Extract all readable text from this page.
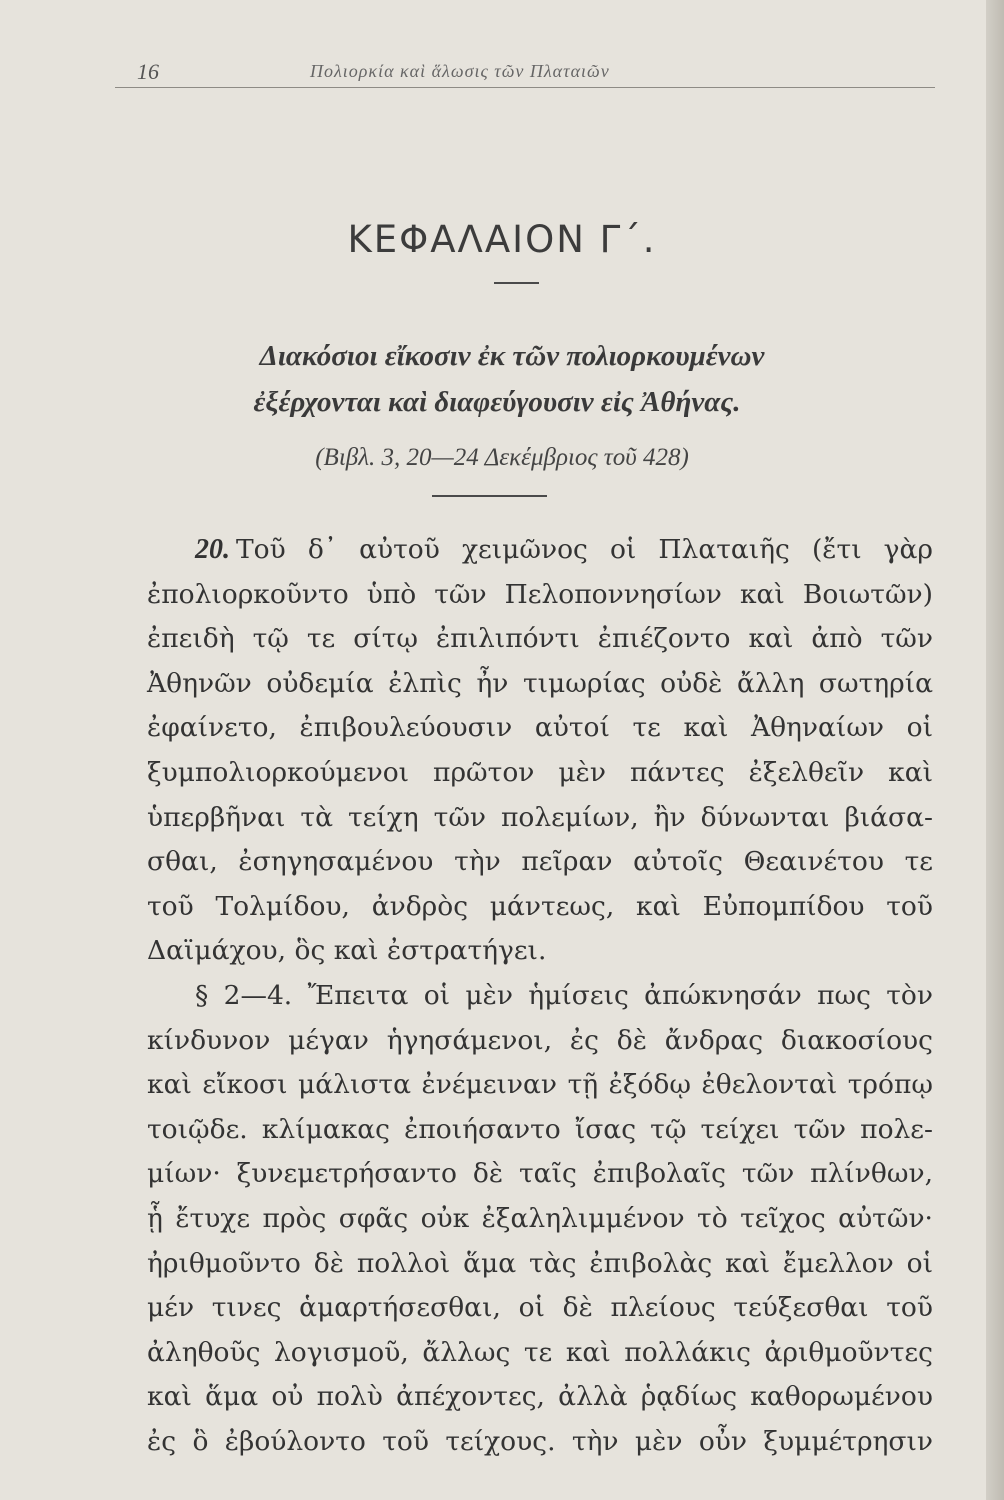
16	Πολιορκία καὶ ἅλωσις τῶν Πλαταιῶν
ΚΕΦΑΛΑΙΟΝ Γ΄.
Διακόσιοι εἴκοσιν ἐκ τῶν πολιορκουμένων
ἐξέρχονται καὶ διαφεύγουσιν εἰς Ἀθήνας.
(Βιβλ. 3, 20—24 Δεκέμβριος τοῦ 428)
20. Τοῦ δ᾽ αὐτοῦ χειμῶνος οἱ Πλαταιῆς (ἔτι γὰρ
ἐπολιορκοῦντο ὑπὸ τῶν Πελοποννησίων καὶ Βοιωτῶν)
ἐπειδὴ τῷ τε σίτῳ ἐπιλιπόντι ἐπιέζοντο καὶ ἀπὸ τῶν
Ἀθηνῶν οὐδεμία ἐλπὶς ἦν τιμωρίας οὐδὲ ἄλλη σωτηρία
ἐφαίνετο, ἐπιβουλεύουσιν αὐτοί τε καὶ Ἀθηναίων οἱ
ξυμπολιορκούμενοι πρῶτον μὲν πάντες ἐξελθεῖν καὶ
ὑπερβῆναι τὰ τείχη τῶν πολεμίων, ἢν δύνωνται βιάσα-
σθαι, ἐσηγησαμένου τὴν πεῖραν αὐτοῖς Θεαινέτου τε
τοῦ Τολμίδου, ἀνδρὸς μάντεως, καὶ Εὐπομπίδου τοῦ
Δαϊμάχου, ὃς καὶ ἐστρατήγει.
§ 2—4. Ἔπειτα οἱ μὲν ἡμίσεις ἀπώκνησάν πως τὸν
κίνδυνον μέγαν ἡγησάμενοι, ἐς δὲ ἄνδρας διακοσίους
καὶ εἴκοσι μάλιστα ἐνέμειναν τῇ ἐξόδῳ ἐθελονταὶ τρόπῳ
τοιῷδε. κλίμακας ἐποιήσαντο ἴσας τῷ τείχει τῶν πολε-
μίων· ξυνεμετρήσαντο δὲ ταῖς ἐπιβολαῖς τῶν πλίνθων,
ᾗ ἔτυχε πρὸς σφᾶς οὐκ ἐξαληλιμμένον τὸ τεῖχος αὐτῶν·
ἠριθμοῦντο δὲ πολλοὶ ἅμα τὰς ἐπιβολὰς καὶ ἔμελλον οἱ
μέν τινες ἁμαρτήσεσθαι, οἱ δὲ πλείους τεύξεσθαι τοῦ
ἀληθοῦς λογισμοῦ, ἄλλως τε καὶ πολλάκις ἀριθμοῦντες
καὶ ἅμα οὐ πολὺ ἀπέχοντες, ἀλλὰ ῥᾳδίως καθορωμένου
ἐς ὃ ἐβούλοντο τοῦ τείχους. τὴν μὲν οὖν ξυμμέτρησιν
